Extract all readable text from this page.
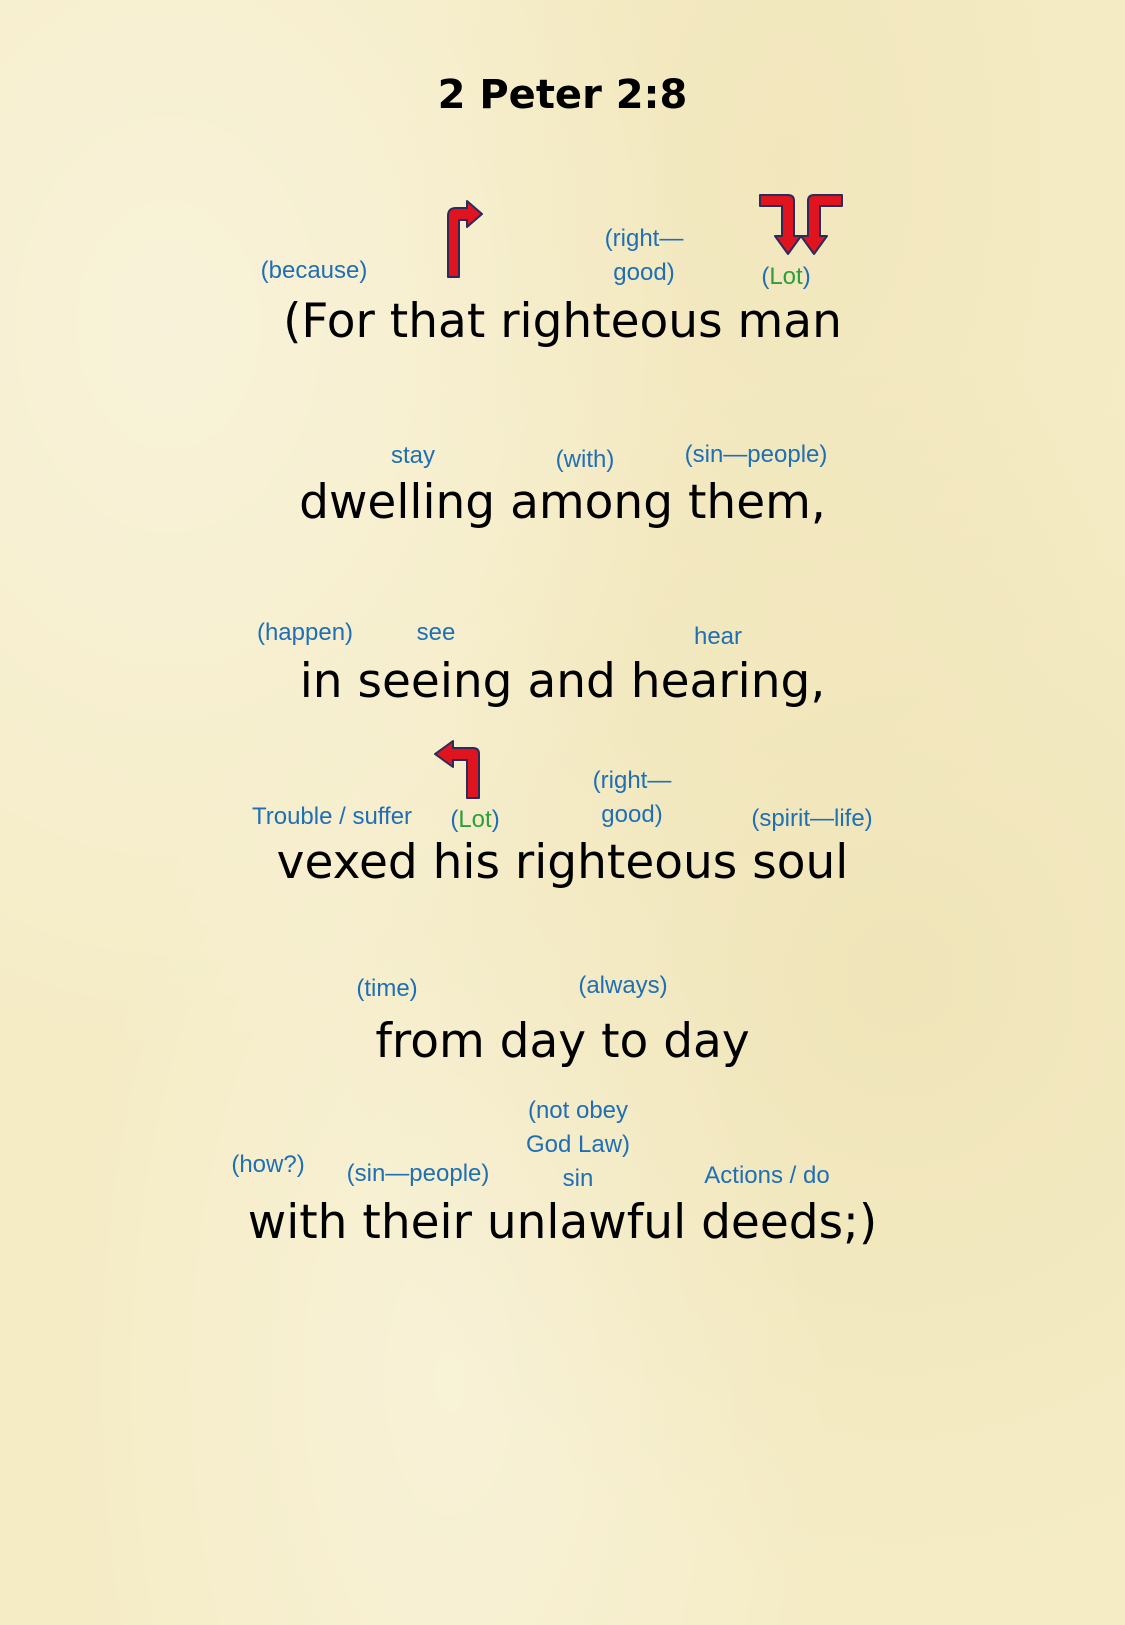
2 Peter 2:8
(because)
(right—
good)	(Lot)
(For that righteous man
stay	(with)	(sin—people)
dwelling among them,
(happen)	see	hear
in seeing and hearing,
Trouble / suffer (Lot)
(right—
good)	(spirit—life)
vexed his righteous soul
(time)	(always)
from day to day
(how?) (sin—people)
(not obey
God Law)
sin	Actions / do
with their unlawful deeds;)
